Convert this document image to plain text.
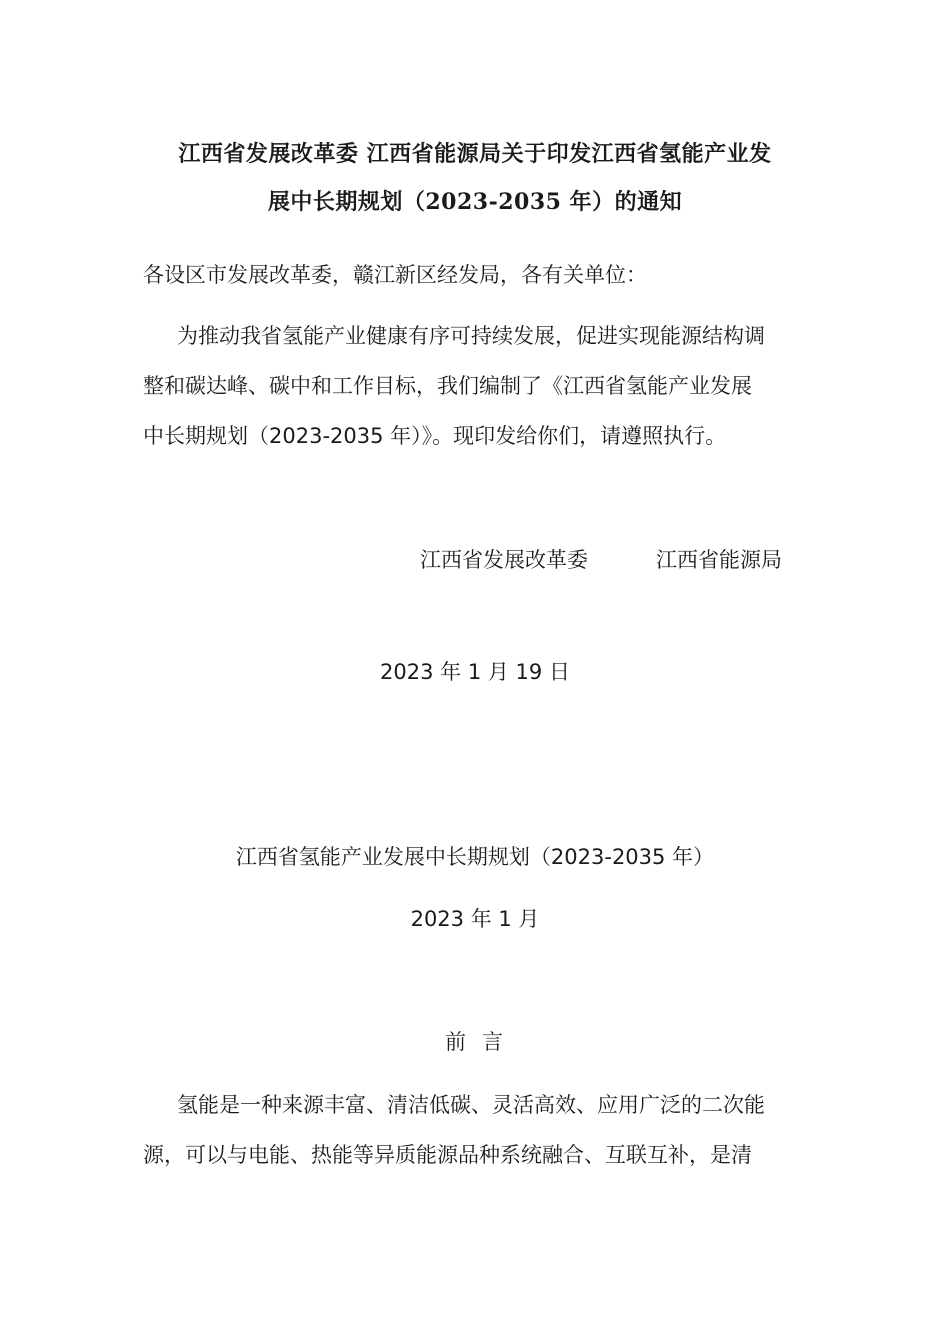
江西省发展改革委 江西省能源局关于印发江西省氢能产业发
展中长期规划（2023-2035 年）的通知
各设区市发展改革委，赣江新区经发局，各有关单位：
为推动我省氢能产业健康有序可持续发展，促进实现能源结构调
整和碳达峰、碳中和工作目标，我们编制了《江西省氢能产业发展
中长期规划（2023-2035 年）》。现印发给你们，请遵照执行。
江西省发展改革委	江西省能源局
2023 年 1 月 19 日
江西省氢能产业发展中长期规划（2023-2035 年）
2023 年 1 月
前 言
氢能是一种来源丰富、清洁低碳、灵活高效、应用广泛的二次能
源，可以与电能、热能等异质能源品种系统融合、互联互补，是清
